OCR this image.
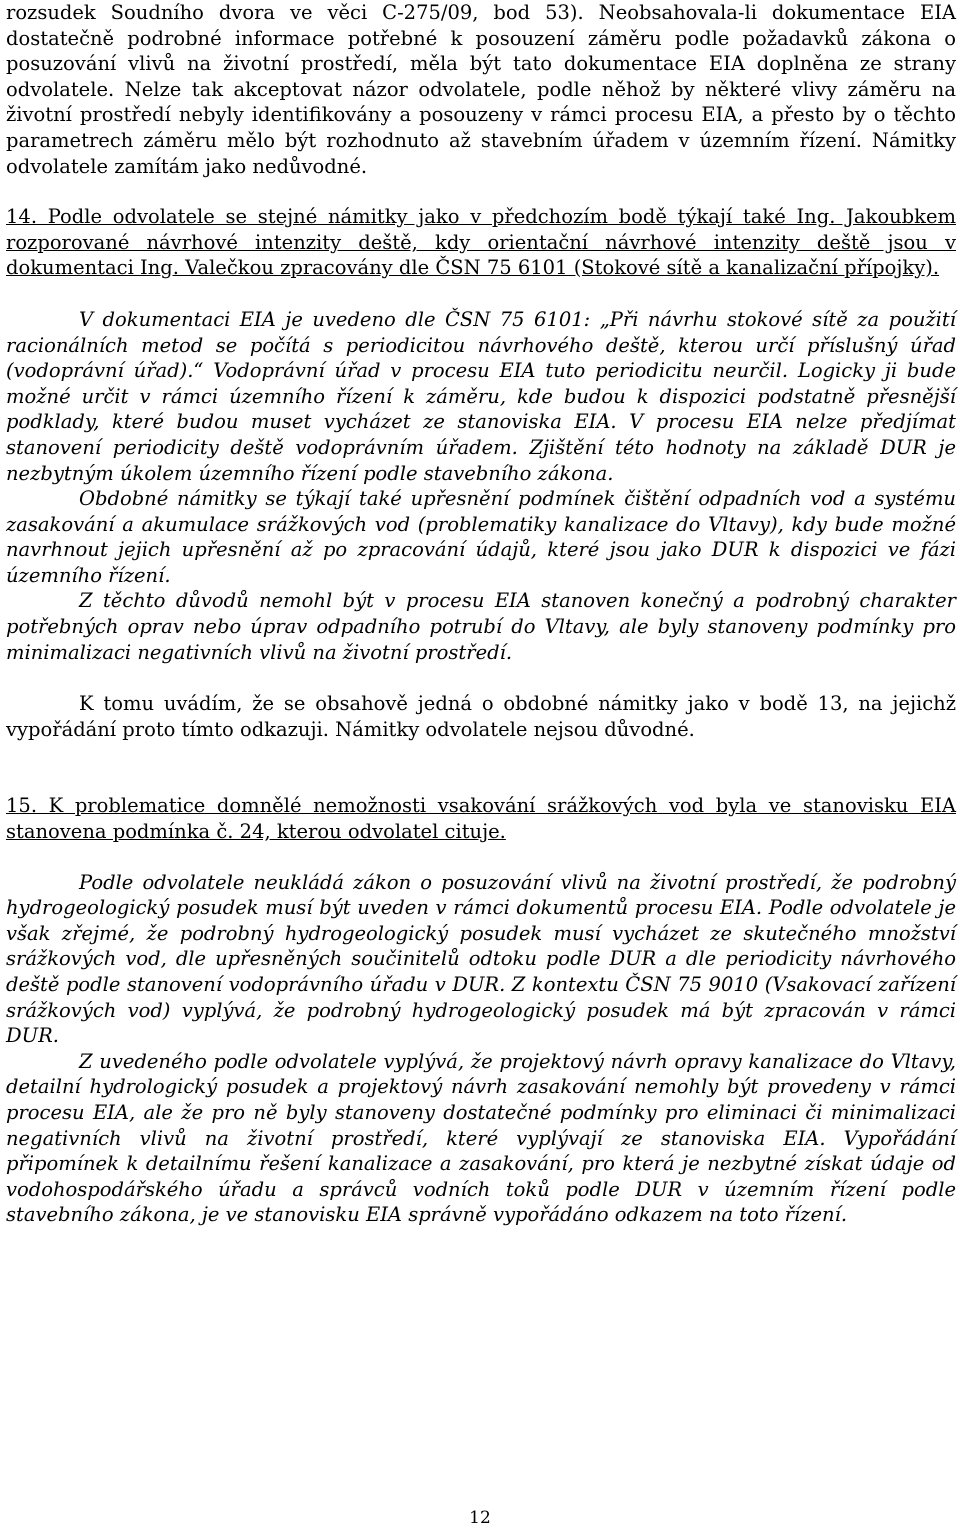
rozsudek Soudního dvora ve věci C-275/09, bod 53). Neobsahovala-li dokumentace EIA dostatečně podrobné informace potřebné k posouzení záměru podle požadavků zákona o posuzování vlivů na životní prostředí, měla být tato dokumentace EIA doplněna ze strany odvolatele. Nelze tak akceptovat názor odvolatele, podle něhož by některé vlivy záměru na životní prostředí nebyly identifikovány a posouzeny v rámci procesu EIA, a přesto by o těchto parametrech záměru mělo být rozhodnuto až stavebním úřadem v územním řízení. Námitky odvolatele zamítám jako nedůvodné.

14. Podle odvolatele se stejné námitky jako v předchozím bodě týkají také Ing. Jakoubkem rozporované návrhové intenzity deště, kdy orientační návrhové intenzity deště jsou v dokumentaci Ing. Valečkou zpracovány dle ČSN 75 6101 (Stokové sítě a kanalizační přípojky).

V dokumentaci EIA je uvedeno dle ČSN 75 6101: „Při návrhu stokové sítě za použití racionálních metod se počítá s periodicitou návrhového deště, kterou určí příslušný úřad (vodoprávní úřad).“ Vodoprávní úřad v procesu EIA tuto periodicitu neurčil. Logicky ji bude možné určit v rámci územního řízení k záměru, kde budou k dispozici podstatně přesnější podklady, které budou muset vycházet ze stanoviska EIA. V procesu EIA nelze předjímat stanovení periodicity deště vodoprávním úřadem. Zjištění této hodnoty na základě DUR je nezbytným úkolem územního řízení podle stavebního zákona.

Obdobné námitky se týkají také upřesnění podmínek čištění odpadních vod a systému zasakování a akumulace srážkových vod (problematiky kanalizace do Vltavy), kdy bude možné navrhnout jejich upřesnění až po zpracování údajů, které jsou jako DUR k dispozici ve fázi územního řízení.

Z těchto důvodů nemohl být v procesu EIA stanoven konečný a podrobný charakter potřebných oprav nebo úprav odpadního potrubí do Vltavy, ale byly stanoveny podmínky pro minimalizaci negativních vlivů na životní prostředí.

K tomu uvádím, že se obsahově jedná o obdobné námitky jako v bodě 13, na jejichž vypořádání proto tímto odkazuji. Námitky odvolatele nejsou důvodné.

15. K problematice domnělé nemožnosti vsakování srážkových vod byla ve stanovisku EIA stanovena podmínka č. 24, kterou odvolatel cituje.

Podle odvolatele neukládá zákon o posuzování vlivů na životní prostředí, že podrobný hydrogeologický posudek musí být uveden v rámci dokumentů procesu EIA. Podle odvolatele je však zřejmé, že podrobný hydrogeologický posudek musí vycházet ze skutečného množství srážkových vod, dle upřesněných součinitelů odtoku podle DUR a dle periodicity návrhového deště podle stanovení vodoprávního úřadu v DUR. Z kontextu ČSN 75 9010 (Vsakovací zařízení srážkových vod) vyplývá, že podrobný hydrogeologický posudek má být zpracován v rámci DUR.

Z uvedeného podle odvolatele vyplývá, že projektový návrh opravy kanalizace do Vltavy, detailní hydrologický posudek a projektový návrh zasakování nemohly být provedeny v rámci procesu EIA, ale že pro ně byly stanoveny dostatečné podmínky pro eliminaci či minimalizaci negativních vlivů na životní prostředí, které vyplývají ze stanoviska EIA. Vypořádání připomínek k detailnímu řešení kanalizace a zasakování, pro která je nezbytné získat údaje od vodohospodářského úřadu a správců vodních toků podle DUR v územním řízení podle stavebního zákona, je ve stanovisku EIA správně vypořádáno odkazem na toto řízení.

12
